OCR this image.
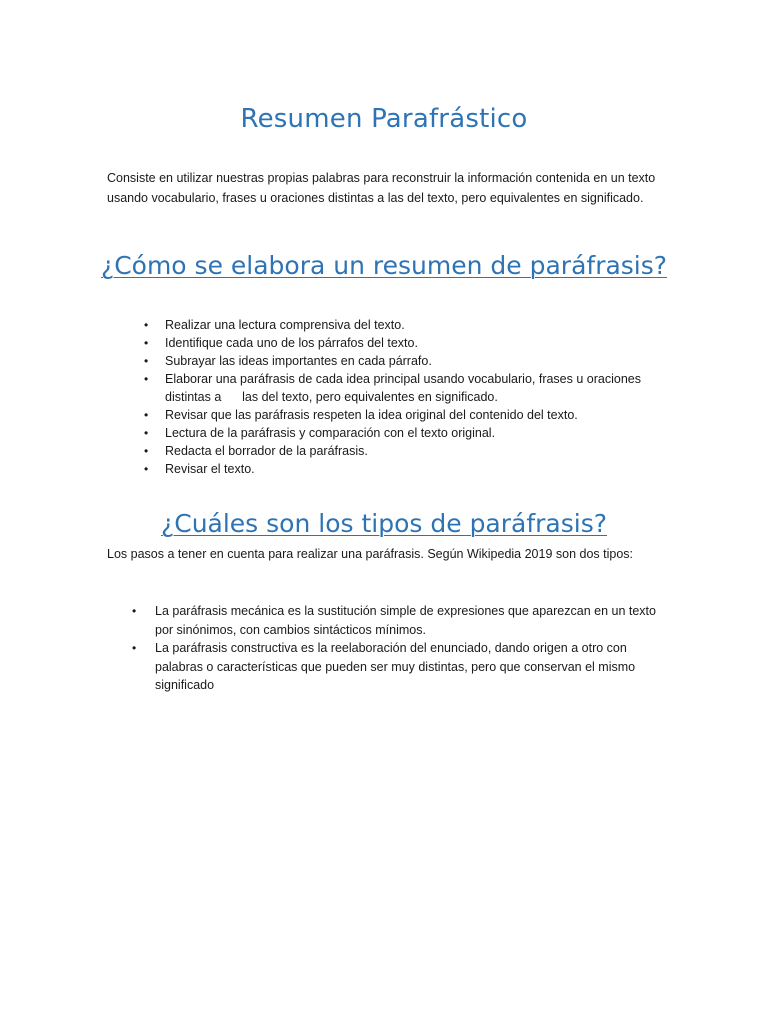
Resumen Parafrástico

Consiste en utilizar nuestras propias palabras para reconstruir la información contenida en un texto usando vocabulario, frases u oraciones distintas a las del texto, pero equivalentes en significado.

¿Cómo se elabora un resumen de paráfrasis?
• Realizar una lectura comprensiva del texto.
• Identifique cada uno de los párrafos del texto.
• Subrayar las ideas importantes en cada párrafo.
• Elaborar una paráfrasis de cada idea principal usando vocabulario, frases u oraciones distintas a      las del texto, pero equivalentes en significado.
• Revisar que las paráfrasis respeten la idea original del contenido del texto.
• Lectura de la paráfrasis y comparación con el texto original.
• Redacta el borrador de la paráfrasis.
• Revisar el texto.
¿Cuáles son los tipos de paráfrasis?

Los pasos a tener en cuenta para realizar una paráfrasis. Según Wikipedia 2019 son dos tipos:

• La paráfrasis mecánica es la sustitución simple de expresiones que aparezcan en un texto por sinónimos, con cambios sintácticos mínimos.
• La paráfrasis constructiva es la reelaboración del enunciado, dando origen a otro con palabras o características que pueden ser muy distintas, pero que conservan el mismo significado
